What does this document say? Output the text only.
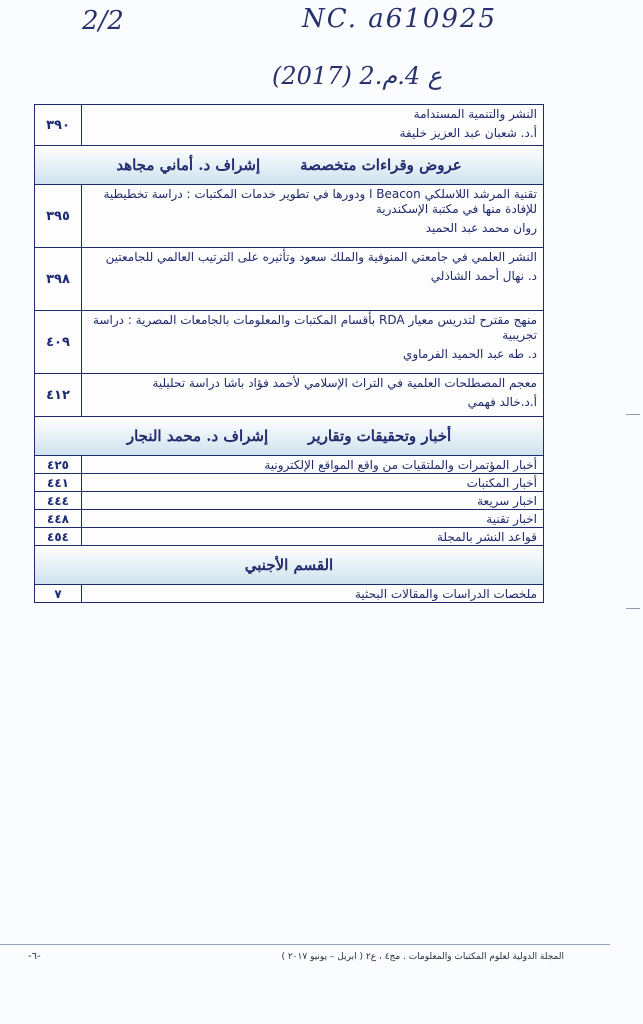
2/2	NC. a610925
(2017) 2.ع 4.م
النشر والتنمية المستدامة
أ.د. شعبان عبد العزيز خليفة
٣٩٠
عروض وقراءات متخصصة
إشراف د. أماني مجاهد
تقنية المرشد اللاسلكي Beacon ا ودورها في تطوير خدمات المكتبات : دراسة تخطيطية للإفادة منها في مكتبة الإسكندرية
روان محمد عبد الحميد
٣٩٥
النشر العلمي في جامعتي المنوفية والملك سعود وتأثيره على الترتيب العالمي للجامعتين
د. نهال أحمد الشاذلي
٣٩٨
منهج مقترح لتدريس معيار RDA بأقسام المكتبات والمعلومات بالجامعات المصرية : دراسة تجريبية
د. طه عبد الحميد الفرماوي
٤٠٩
معجم المصطلحات العلمية في التراث الإسلامي لأحمد فؤاد باشا دراسة تحليلية
أ.د.خالد فهمي
٤١٢
أخبار وتحقيقات وتقارير
إشراف د. محمد النجار
أخبار المؤتمرات والملتقيات من واقع المواقع الإلكترونية
٤٢٥
أخبار المكتبات
٤٤١
اخبار سريعة
٤٤٤
اخبار تقنية
٤٤٨
قواعد النشر بالمجلة
٤٥٤
القسم الأجنبي
ملخصات الدراسات والمقالات البحثية
٧
المجلة الدولية لعلوم المكتبات والمعلومات . مج٤ ، ع٢ ( ابريل – يونيو ٢٠١٧ )
-٦-
